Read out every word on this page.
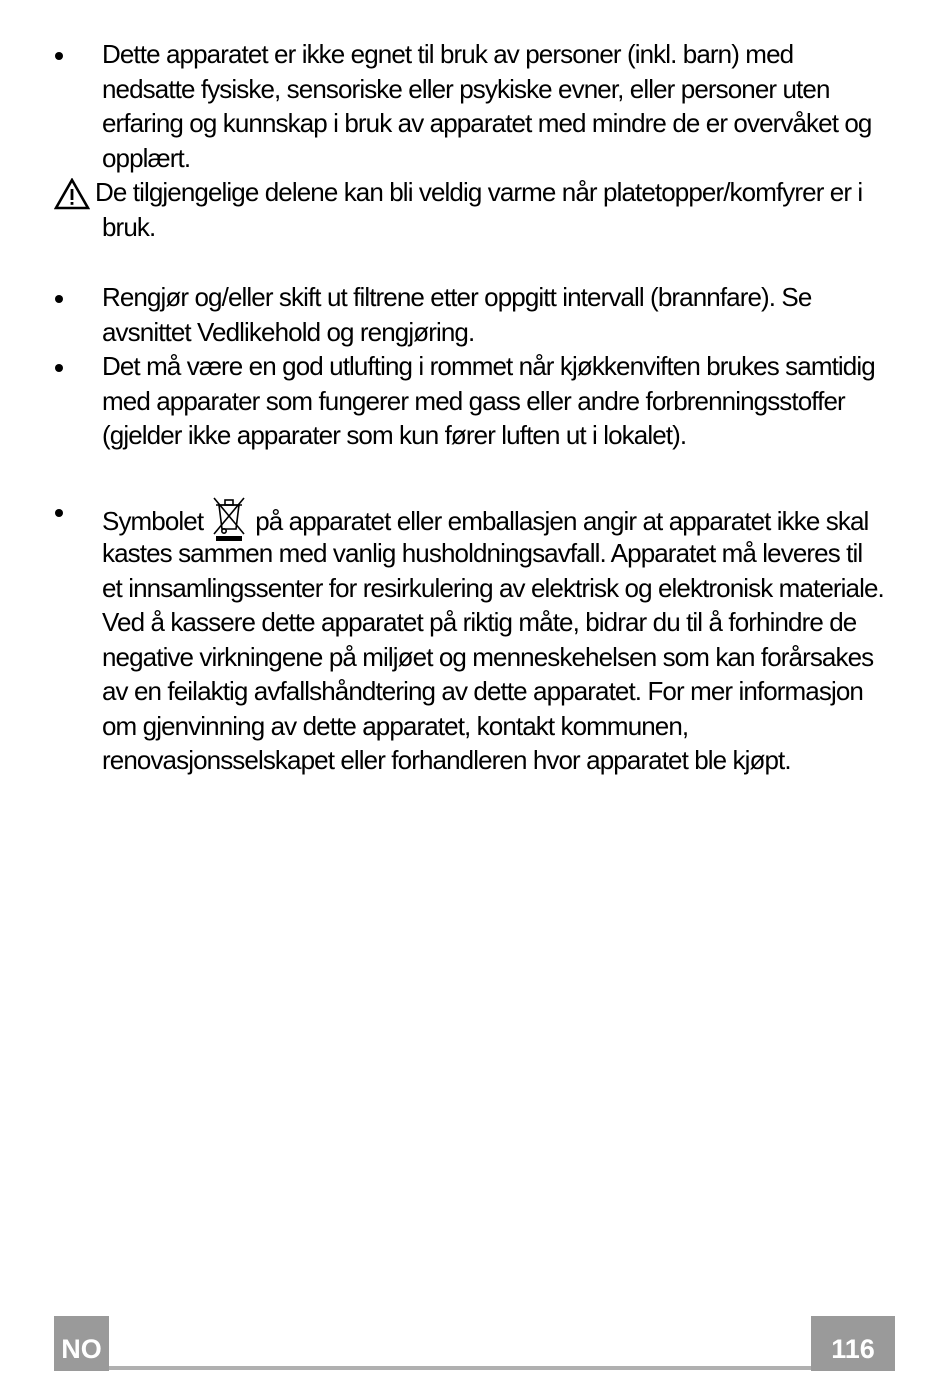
Dette apparatet er ikke egnet til bruk av personer (inkl. barn) med
nedsatte fysiske, sensoriske eller psykiske evner, eller personer uten
erfaring og kunnskap i bruk av apparatet med mindre de er overvåket og
opplært.
De tilgjengelige delene kan bli veldig varme når platetopper/komfyrer er i
bruk.
Rengjør og/eller skift ut filtrene etter oppgitt intervall (brannfare). Se
avsnittet Vedlikehold og rengjøring.
Det må være en god utlufting i rommet når kjøkkenviften brukes samtidig
med apparater som fungerer med gass eller andre forbrenningsstoffer
(gjelder ikke apparater som kun fører luften ut i lokalet).
Symbolet på apparatet eller emballasjen angir at apparatet ikke skal
kastes sammen med vanlig husholdningsavfall. Apparatet må leveres til
et innsamlingssenter for resirkulering av elektrisk og elektronisk materiale.
Ved å kassere dette apparatet på riktig måte, bidrar du til å forhindre de
negative virkningene på miljøet og menneskehelsen som kan forårsakes
av en feilaktig avfallshåndtering av dette apparatet. For mer informasjon
om gjenvinning av dette apparatet, kontakt kommunen,
renovasjonsselskapet eller forhandleren hvor apparatet ble kjøpt.
NO	116
